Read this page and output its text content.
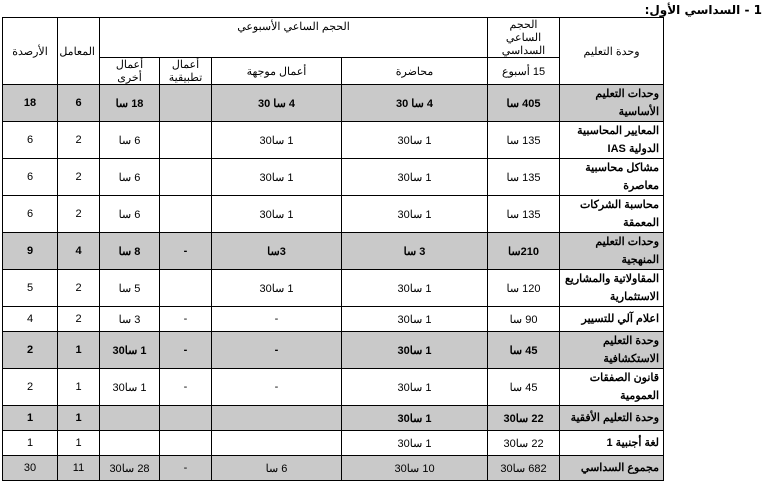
1 - السداسي الأول:
وحدة التعليم	الحجم الساعي السداسي	الحجم الساعي الأسبوعي				المعامل	الأرصدة
	15 أسبوع	محاضرة	أعمال موجهة	أعمال تطبيقية	أعمال أخرى		
وحدات التعليم الأساسية	405 سا	4 سا 30	4 سا 30		18 سا	6	18
المعايير المحاسبية الدولية IAS	135 سا	1 سا30	1 سا30		6 سا	2	6
مشاكل محاسبية معاصرة	135 سا	1 سا30	1 سا30		6 سا	2	6
محاسبة الشركات المعمقة	135 سا	1 سا30	1 سا30		6 سا	2	6
وحدات التعليم المنهجية	210سا	3 سا	3سا	-	8 سا	4	9
المقاولاتية والمشاريع الاستثمارية	120 سا	1 سا30	1 سا30		5 سا	2	5
اعلام آلي للتسيير	90 سا	1 سا30	-	-	3 سا	2	4
وحدة التعليم الاستكشافية	45 سا	1 سا30	-	-	1 سا30	1	2
قانون الصفقات العمومية	45 سا	1 سا30	-	-	1 سا30	1	2
وحدة التعليم الأفقية	22 سا30	1 سا30				1	1
لغة أجنبية 1	22 سا30	1 سا30				1	1
مجموع السداسي	682 سا30	10 سا30	6 سا	-	28 سا30	11	30
